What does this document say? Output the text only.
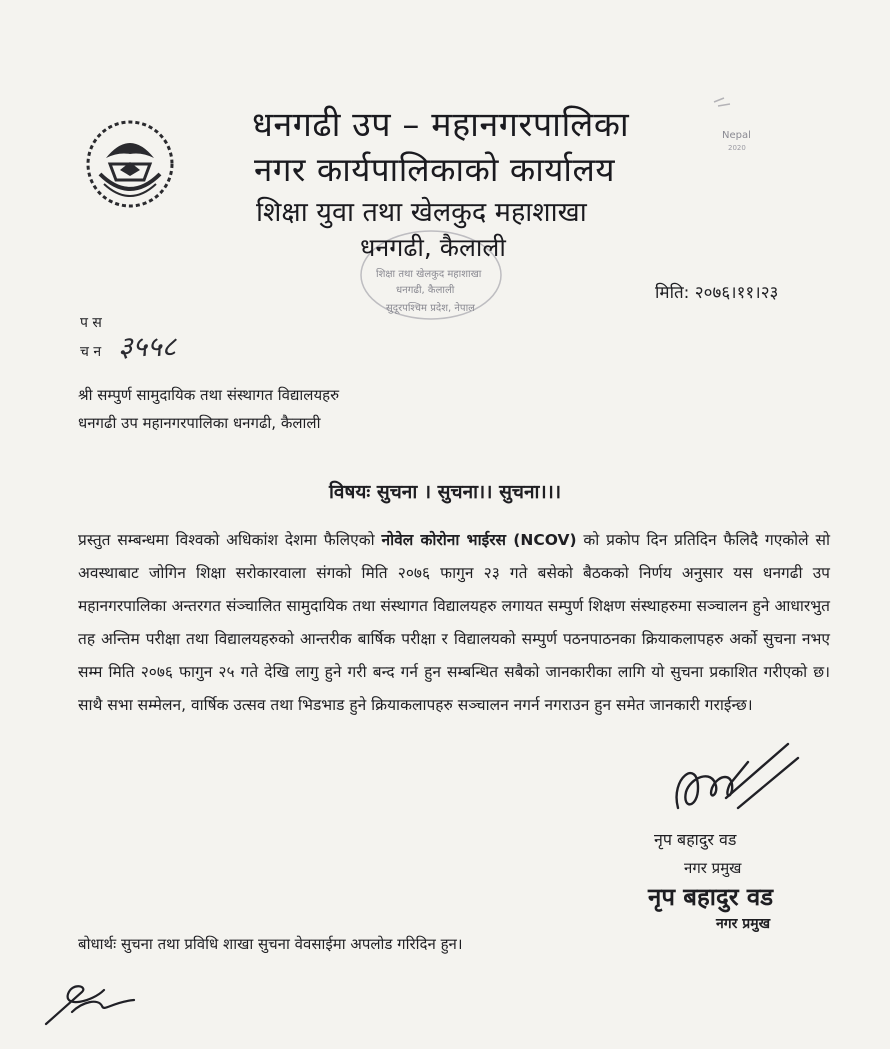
धनगढी उप – महानगरपालिका
नगर कार्यपालिकाको कार्यालय
शिक्षा युवा तथा खेलकुद महाशाखा
शिक्षा तथा खेलकुद महाशाखा
धनगढी, कैलाली
सुदूरपश्चिम प्रदेश, नेपाल
धनगढी, कैलाली
Nepal
2020
मिति: २०७६।११।२३
प स
च न ३५५८
श्री सम्पुर्ण सामुदायिक तथा संस्थागत विद्यालयहरु
धनगढी उप महानगरपालिका धनगढी, कैलाली
विषयः सुचना । सुचना।। सुचना।।।
प्रस्तुत सम्बन्धमा विश्वको अधिकांश देशमा फैलिएको नोवेल कोरोना भाईरस (NCOV) को प्रकोप दिन प्रतिदिन फैलिदै गएकोले सो अवस्थाबाट जोगिन शिक्षा सरोकारवाला संगको मिति २०७६ फागुन २३ गते बसेको बैठकको निर्णय अनुसार यस धनगढी उप महानगरपालिका अन्तरगत संञ्चालित सामुदायिक तथा संस्थागत विद्यालयहरु लगायत सम्पुर्ण शिक्षण संस्थाहरुमा सञ्चालन हुने आधारभुत तह अन्तिम परीक्षा तथा विद्यालयहरुको आन्तरीक बार्षिक परीक्षा र विद्यालयको सम्पुर्ण पठनपाठनका क्रियाकलापहरु अर्को सुचना नभए सम्म मिति २०७६ फागुन २५ गते देखि लागु हुने गरी बन्द गर्न हुन सम्बन्धित सबैको जानकारीका लागि यो सुचना प्रकाशित गरीएको छ। साथै सभा सम्मेलन, वार्षिक उत्सव तथा भिडभाड हुने क्रियाकलापहरु सञ्चालन नगर्न नगराउन हुन समेत जानकारी गराईन्छ।
नृप बहादुर वड
नगर प्रमुख
नृप बहादुर वड
नगर प्रमुख
बोधार्थः सुचना तथा प्रविधि शाखा सुचना वेवसाईमा अपलोड गरिदिन हुन।
